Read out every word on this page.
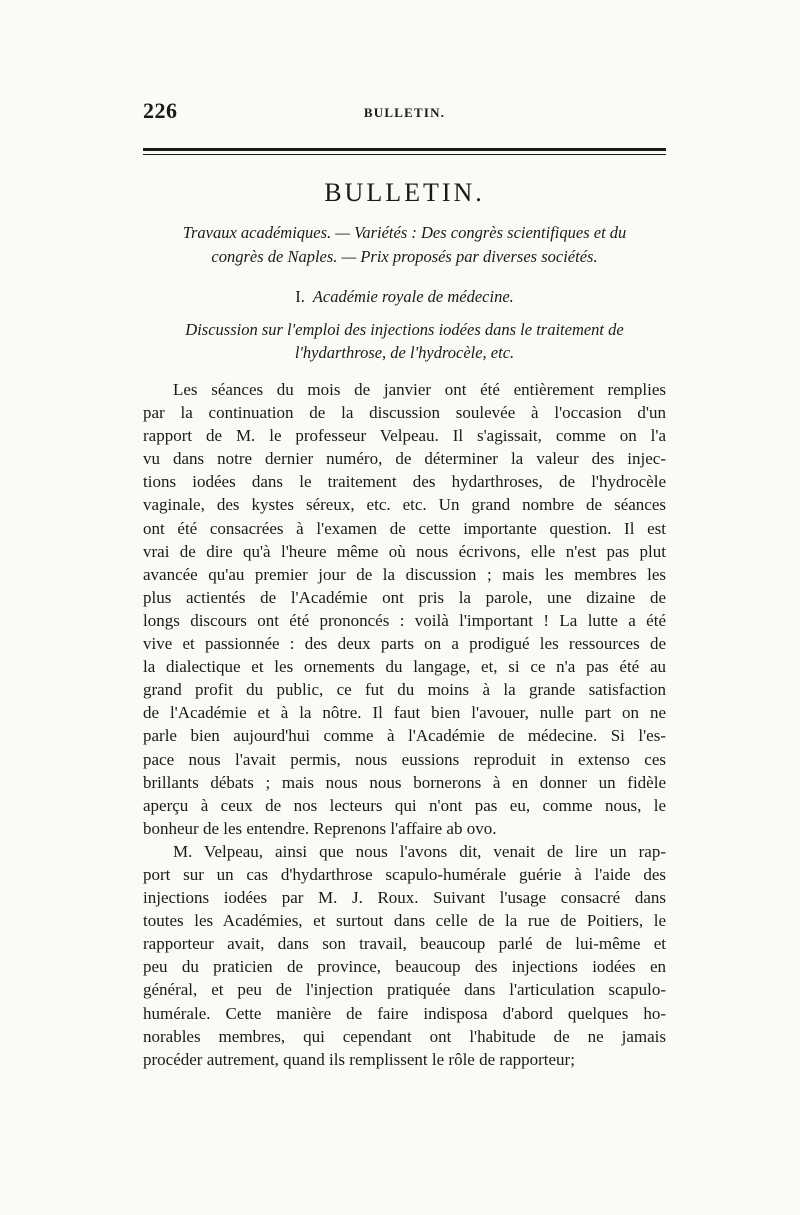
226	BULLETIN.
BULLETIN.
Travaux académiques. — Variétés : Des congrès scientifiques et du
congrès de Naples. — Prix proposés par diverses sociétés.
I. Académie royale de médecine.
Discussion sur l'emploi des injections iodées dans le traitement de
l'hydarthrose, de l'hydrocèle, etc.
Les séances du mois de janvier ont été entièrement remplies
par la continuation de la discussion soulevée à l'occasion d'un
rapport de M. le professeur Velpeau. Il s'agissait, comme on l'a
vu dans notre dernier numéro, de déterminer la valeur des injec-
tions iodées dans le traitement des hydarthroses, de l'hydrocèle
vaginale, des kystes séreux, etc. etc. Un grand nombre de séances
ont été consacrées à l'examen de cette importante question. Il est
vrai de dire qu'à l'heure même où nous écrivons, elle n'est pas plut
avancée qu'au premier jour de la discussion ; mais les membres les
plus actientés de l'Académie ont pris la parole, une dizaine de
longs discours ont été prononcés : voilà l'important ! La lutte a été
vive et passionnée : des deux parts on a prodigué les ressources de
la dialectique et les ornements du langage, et, si ce n'a pas été au
grand profit du public, ce fut du moins à la grande satisfaction
de l'Académie et à la nôtre. Il faut bien l'avouer, nulle part on ne
parle bien aujourd'hui comme à l'Académie de médecine. Si l'es-
pace nous l'avait permis, nous eussions reproduit in extenso ces
brillants débats ; mais nous nous bornerons à en donner un fidèle
aperçu à ceux de nos lecteurs qui n'ont pas eu, comme nous, le
bonheur de les entendre. Reprenons l'affaire ab ovo.
M. Velpeau, ainsi que nous l'avons dit, venait de lire un rap-
port sur un cas d'hydarthrose scapulo-humérale guérie à l'aide des
injections iodées par M. J. Roux. Suivant l'usage consacré dans
toutes les Académies, et surtout dans celle de la rue de Poitiers, le
rapporteur avait, dans son travail, beaucoup parlé de lui-même et
peu du praticien de province, beaucoup des injections iodées en
général, et peu de l'injection pratiquée dans l'articulation scapulo-
humérale. Cette manière de faire indisposa d'abord quelques ho-
norables membres, qui cependant ont l'habitude de ne jamais
procéder autrement, quand ils remplissent le rôle de rapporteur;
